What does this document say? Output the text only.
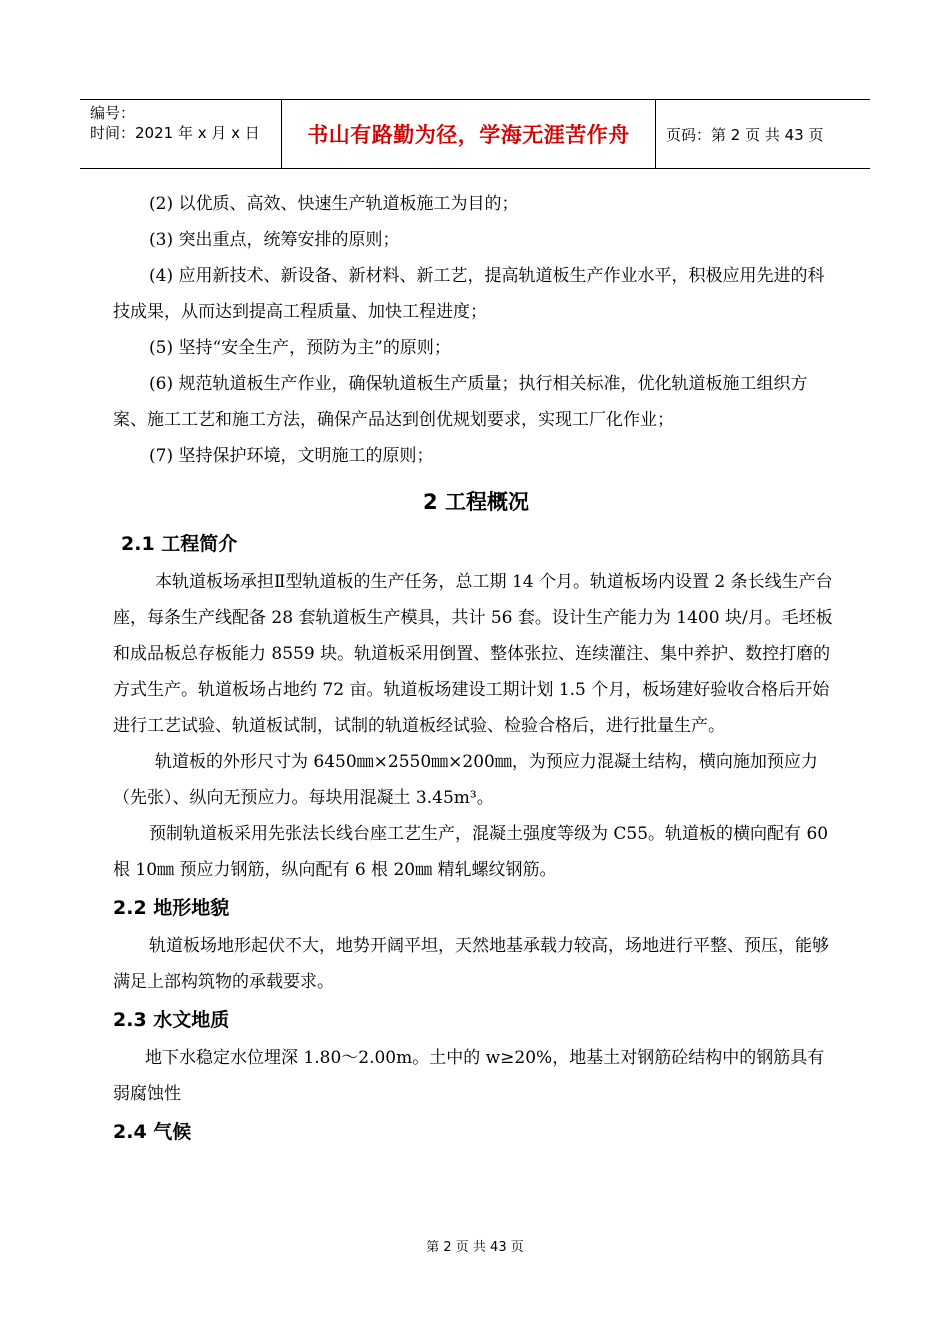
编号：
时间：2021 年 x 月 x 日	书山有路勤为径，学海无涯苦作舟	页码：第 2 页 共 43 页

(2) 以优质、高效、快速生产轨道板施工为目的；

(3) 突出重点，统筹安排的原则；

(4) 应用新技术、新设备、新材料、新工艺，提高轨道板生产作业水平，积极应用先进的科技成果，从而达到提高工程质量、加快工程进度；

(5) 坚持“安全生产，预防为主”的原则；

(6) 规范轨道板生产作业，确保轨道板生产质量；执行相关标准，优化轨道板施工组织方案、施工工艺和施工方法，确保产品达到创优规划要求，实现工厂化作业；

(7) 坚持保护环境，文明施工的原则；

2 工程概况
2.1 工程简介

本轨道板场承担Ⅱ型轨道板的生产任务，总工期 14 个月。轨道板场内设置 2 条长线生产台座，每条生产线配备 28 套轨道板生产模具，共计 56 套。设计生产能力为 1400 块/月。毛坯板和成品板总存板能力 8559 块。轨道板采用倒置、整体张拉、连续灌注、集中养护、数控打磨的方式生产。轨道板场占地约 72 亩。轨道板场建设工期计划 1.5 个月，板场建好验收合格后开始进行工艺试验、轨道板试制，试制的轨道板经试验、检验合格后，进行批量生产。

轨道板的外形尺寸为 6450㎜×2550㎜×200㎜，为预应力混凝土结构，横向施加预应力（先张）、纵向无预应力。每块用混凝土 3.45m³。

预制轨道板采用先张法长线台座工艺生产，混凝土强度等级为 C55。轨道板的横向配有 60 根 10㎜ 预应力钢筋，纵向配有 6 根 20㎜ 精轧螺纹钢筋。

2.2 地形地貌

轨道板场地形起伏不大，地势开阔平坦，天然地基承载力较高，场地进行平整、预压，能够满足上部构筑物的承载要求。

2.3 水文地质

地下水稳定水位埋深 1.80～2.00m。土中的 w≥20%，地基土对钢筋砼结构中的钢筋具有弱腐蚀性

2.4 气候
第 2 页 共 43 页
